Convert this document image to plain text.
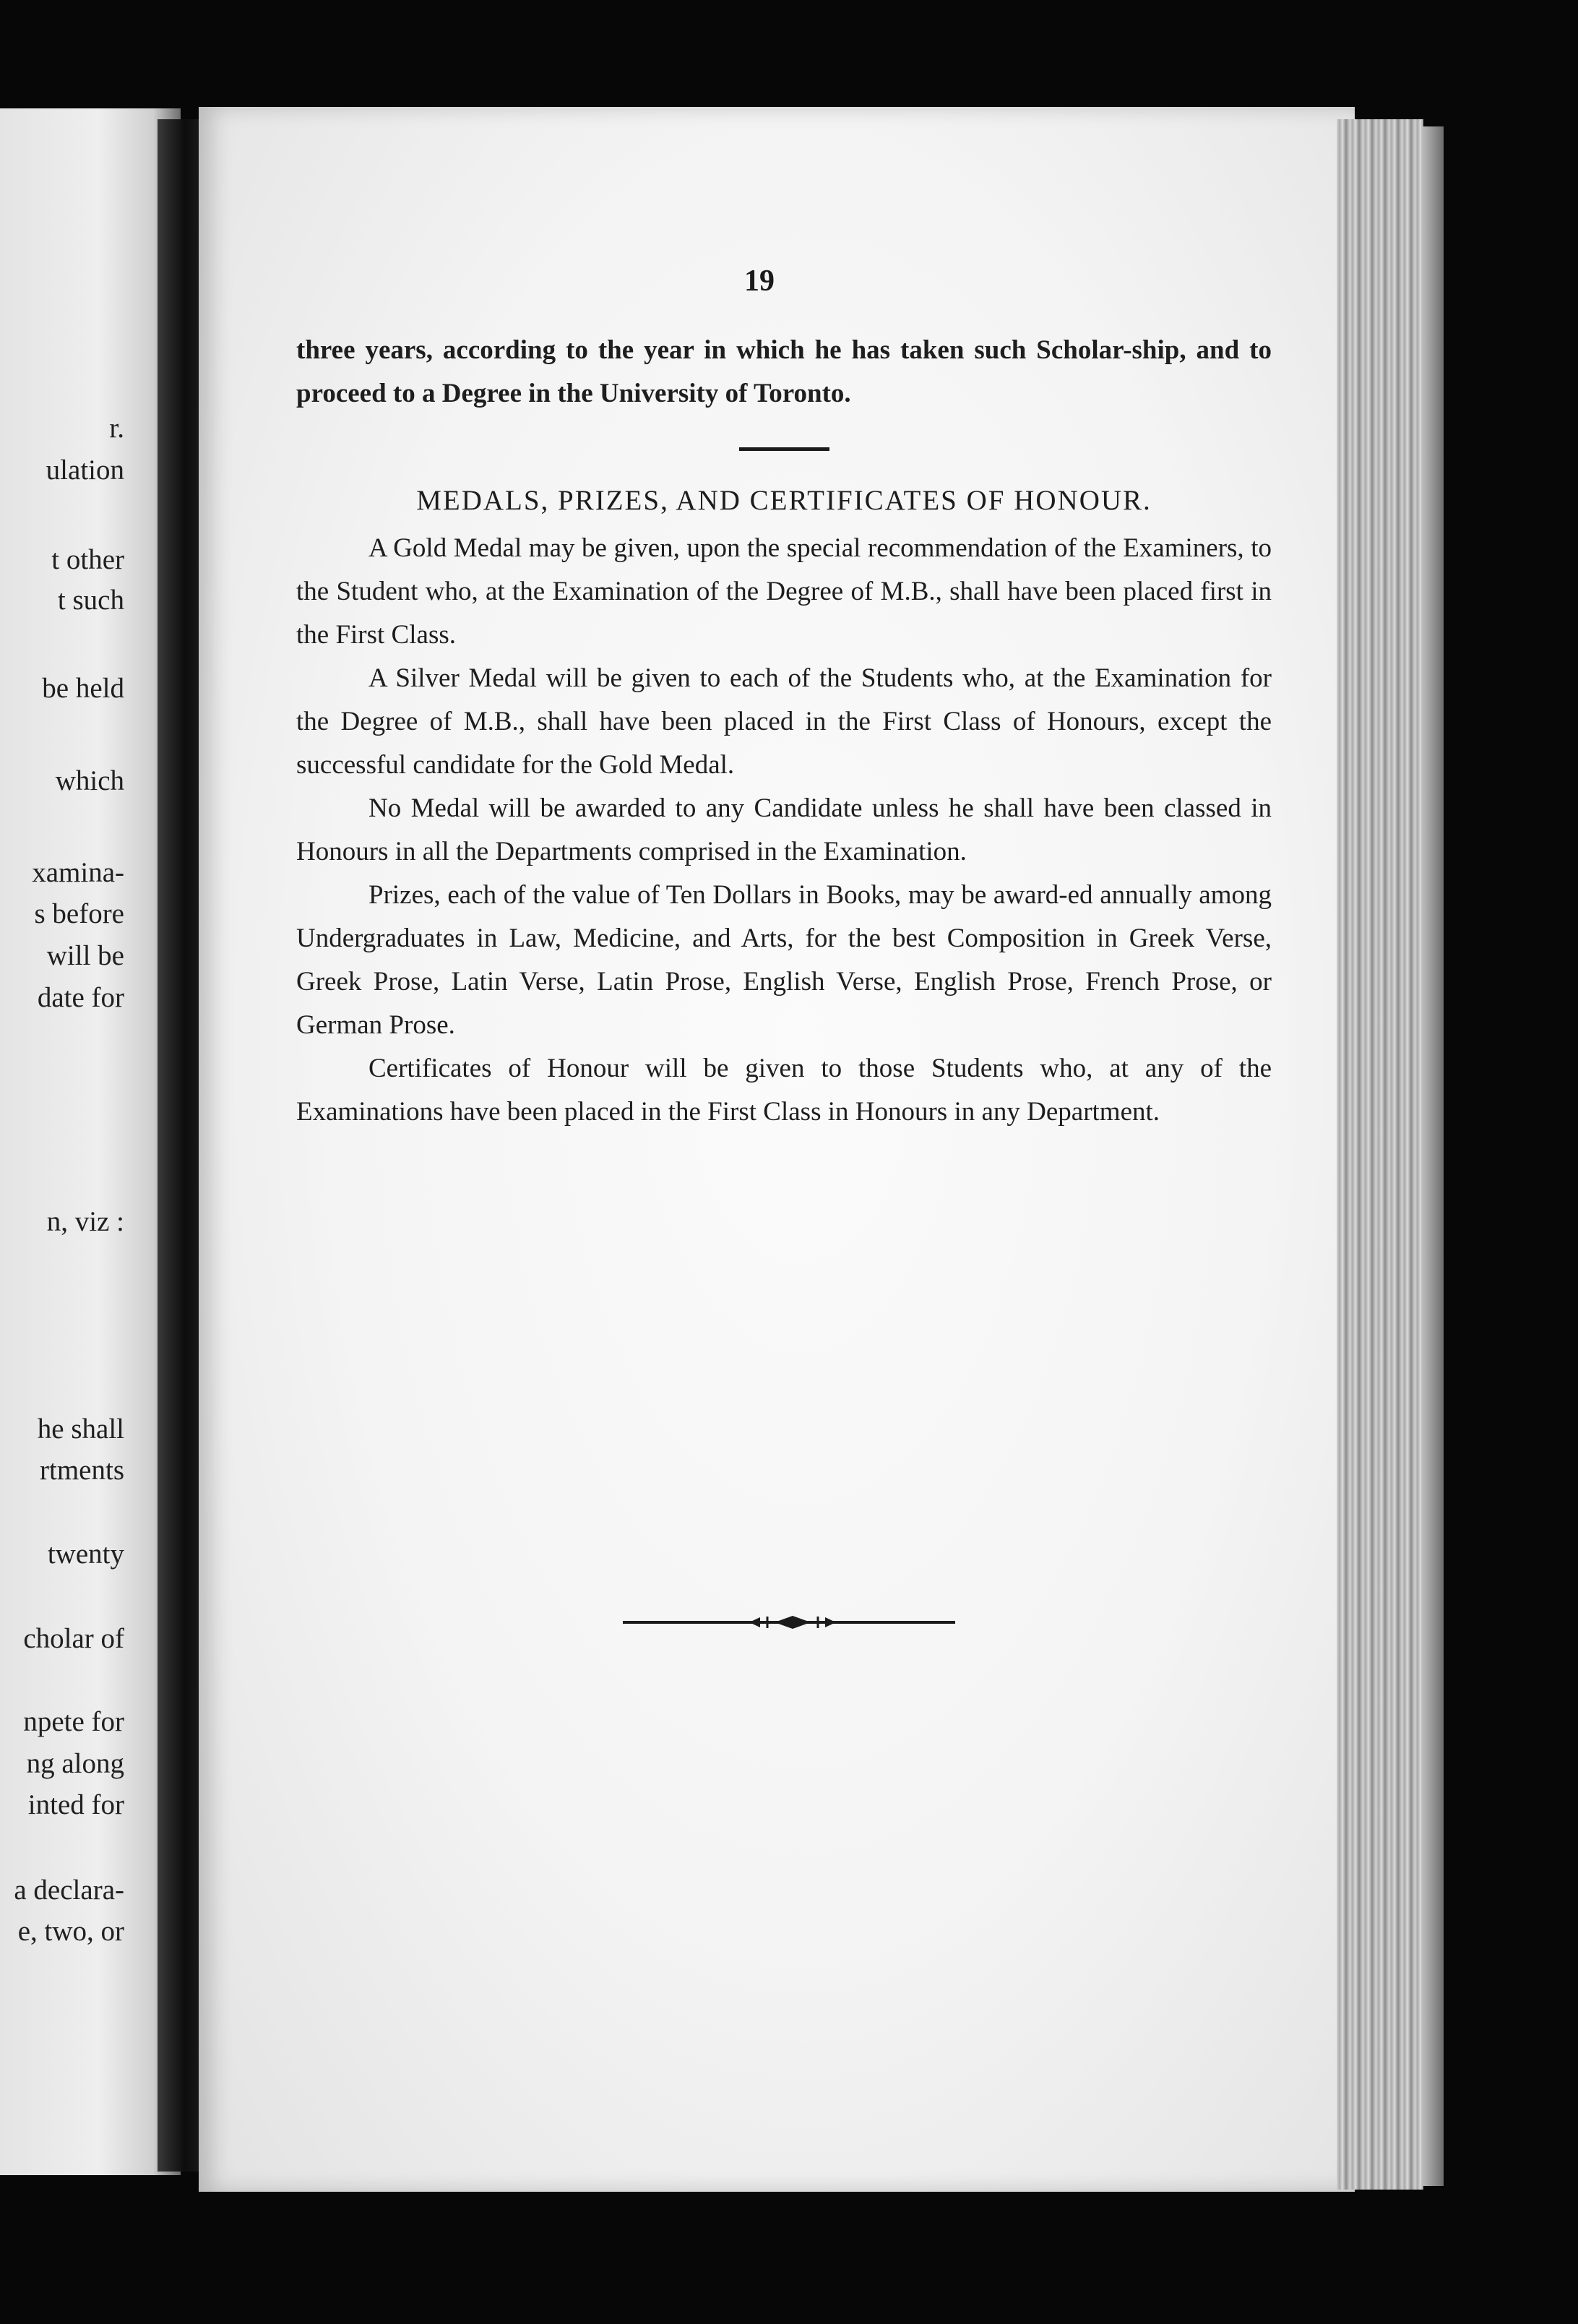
r.
ulation
t other
t such
be held
which
xamina-
s before
will be
date for
n, viz :
he shall
rtments
twenty
cholar of
npete for
ng along
inted for
a declara-
e, two, or
19

three years, according to the year in which he has taken such Scholar-ship, and to proceed to a Degree in the University of Toronto.

MEDALS, PRIZES, AND CERTIFICATES OF HONOUR.

A Gold Medal may be given, upon the special recommendation of the Examiners, to the Student who, at the Examination of the Degree of M.B., shall have been placed first in the First Class.

A Silver Medal will be given to each of the Students who, at the Examination for the Degree of M.B., shall have been placed in the First Class of Honours, except the successful candidate for the Gold Medal.

No Medal will be awarded to any Candidate unless he shall have been classed in Honours in all the Departments comprised in the Examination.

Prizes, each of the value of Ten Dollars in Books, may be award-ed annually among Undergraduates in Law, Medicine, and Arts, for the best Composition in Greek Verse, Greek Prose, Latin Verse, Latin Prose, English Verse, English Prose, French Prose, or German Prose.

Certificates of Honour will be given to those Students who, at any of the Examinations have been placed in the First Class in Honours in any Department.
